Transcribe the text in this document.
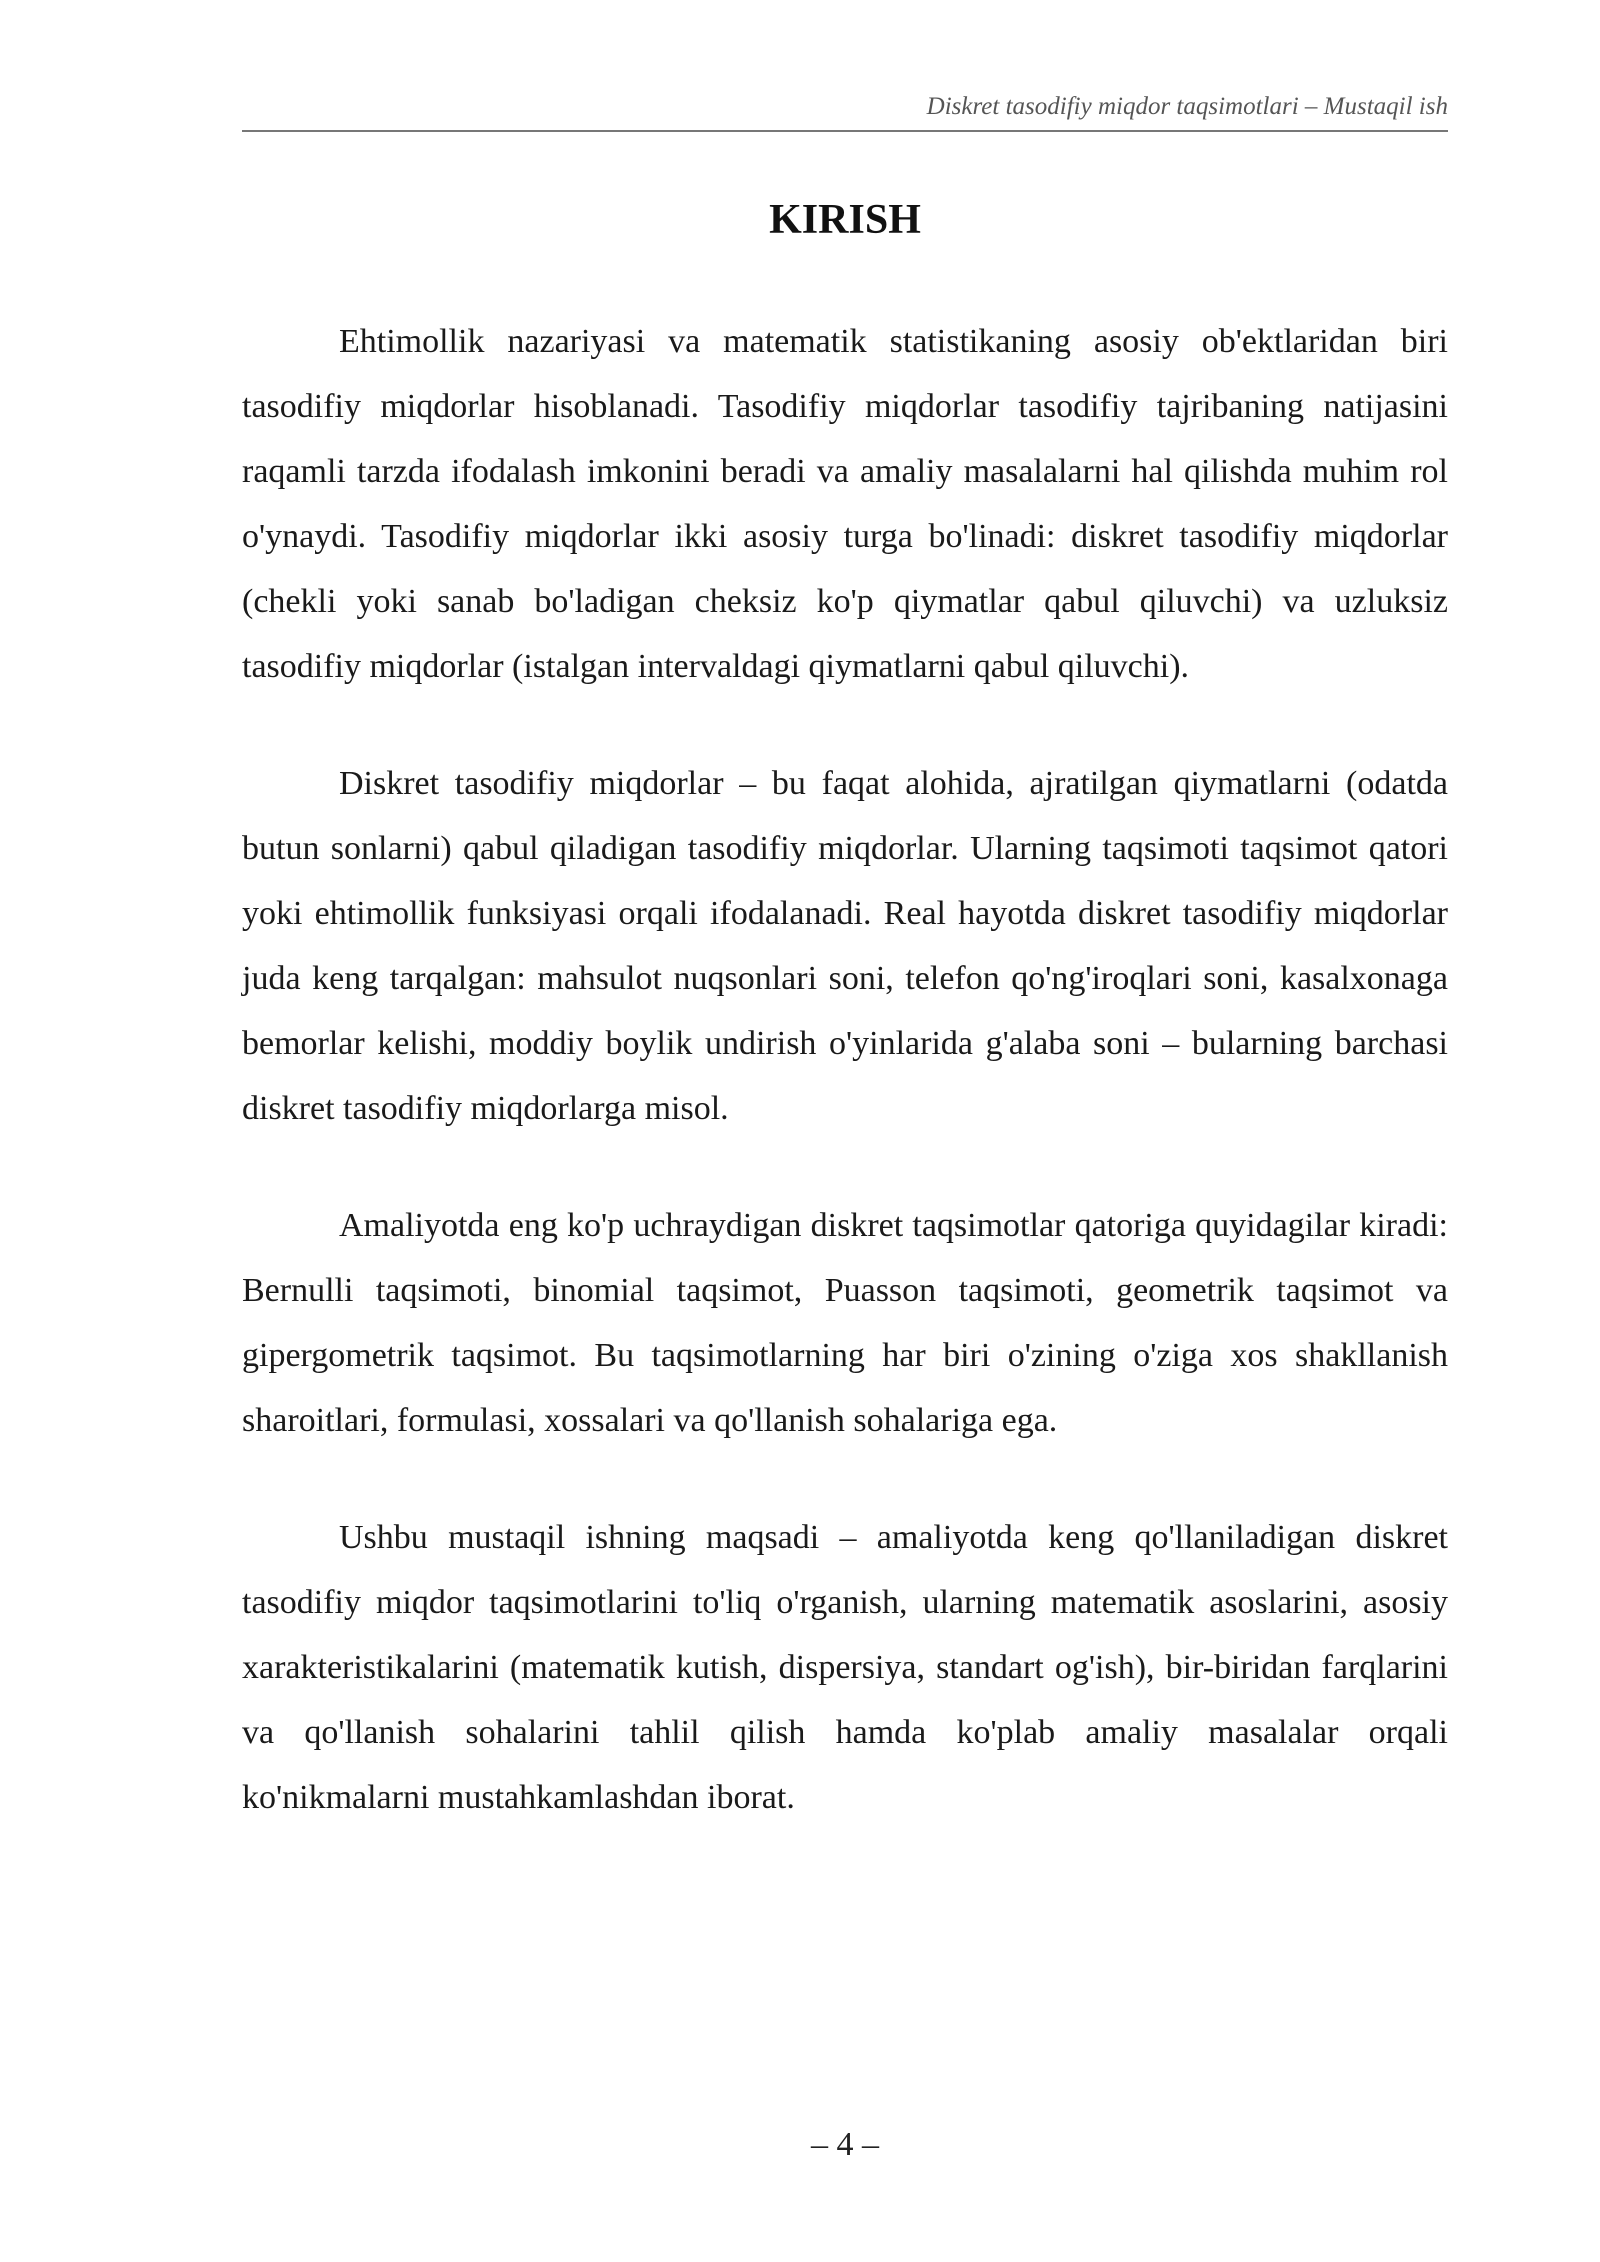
Diskret tasodifiy miqdor taqsimotlari – Mustaqil ish
KIRISH

Ehtimollik nazariyasi va matematik statistikaning asosiy ob'ektlaridan biri tasodifiy miqdorlar hisoblanadi. Tasodifiy miqdorlar tasodifiy tajribaning natijasini raqamli tarzda ifodalash imkonini beradi va amaliy masalalarni hal qilishda muhim rol o'ynaydi. Tasodifiy miqdorlar ikki asosiy turga bo'linadi: diskret tasodifiy miqdorlar (chekli yoki sanab bo'ladigan cheksiz ko'p qiymatlar qabul qiluvchi) va uzluksiz tasodifiy miqdorlar (istalgan intervaldagi qiymatlarni qabul qiluvchi).

Diskret tasodifiy miqdorlar – bu faqat alohida, ajratilgan qiymatlarni (odatda butun sonlarni) qabul qiladigan tasodifiy miqdorlar. Ularning taqsimoti taqsimot qatori yoki ehtimollik funksiyasi orqali ifodalanadi. Real hayotda diskret tasodifiy miqdorlar juda keng tarqalgan: mahsulot nuqsonlari soni, telefon qo'ng'iroqlari soni, kasalxonaga bemorlar kelishi, moddiy boylik undirish o'yinlarida g'alaba soni – bularning barchasi diskret tasodifiy miqdorlarga misol.

Amaliyotda eng ko'p uchraydigan diskret taqsimotlar qatoriga quyidagilar kiradi: Bernulli taqsimoti, binomial taqsimot, Puasson taqsimoti, geometrik taqsimot va gipergometrik taqsimot. Bu taqsimotlarning har biri o'zining o'ziga xos shakllanish sharoitlari, formulasi, xossalari va qo'llanish sohalariga ega.

Ushbu mustaqil ishning maqsadi – amaliyotda keng qo'llaniladigan diskret tasodifiy miqdor taqsimotlarini to'liq o'rganish, ularning matematik asoslarini, asosiy xarakteristikalarini (matematik kutish, dispersiya, standart og'ish), bir-biridan farqlarini va qo'llanish sohalarini tahlil qilish hamda ko'plab amaliy masalalar orqali ko'nikmalarni mustahkamlashdan iborat.

– 4 –
